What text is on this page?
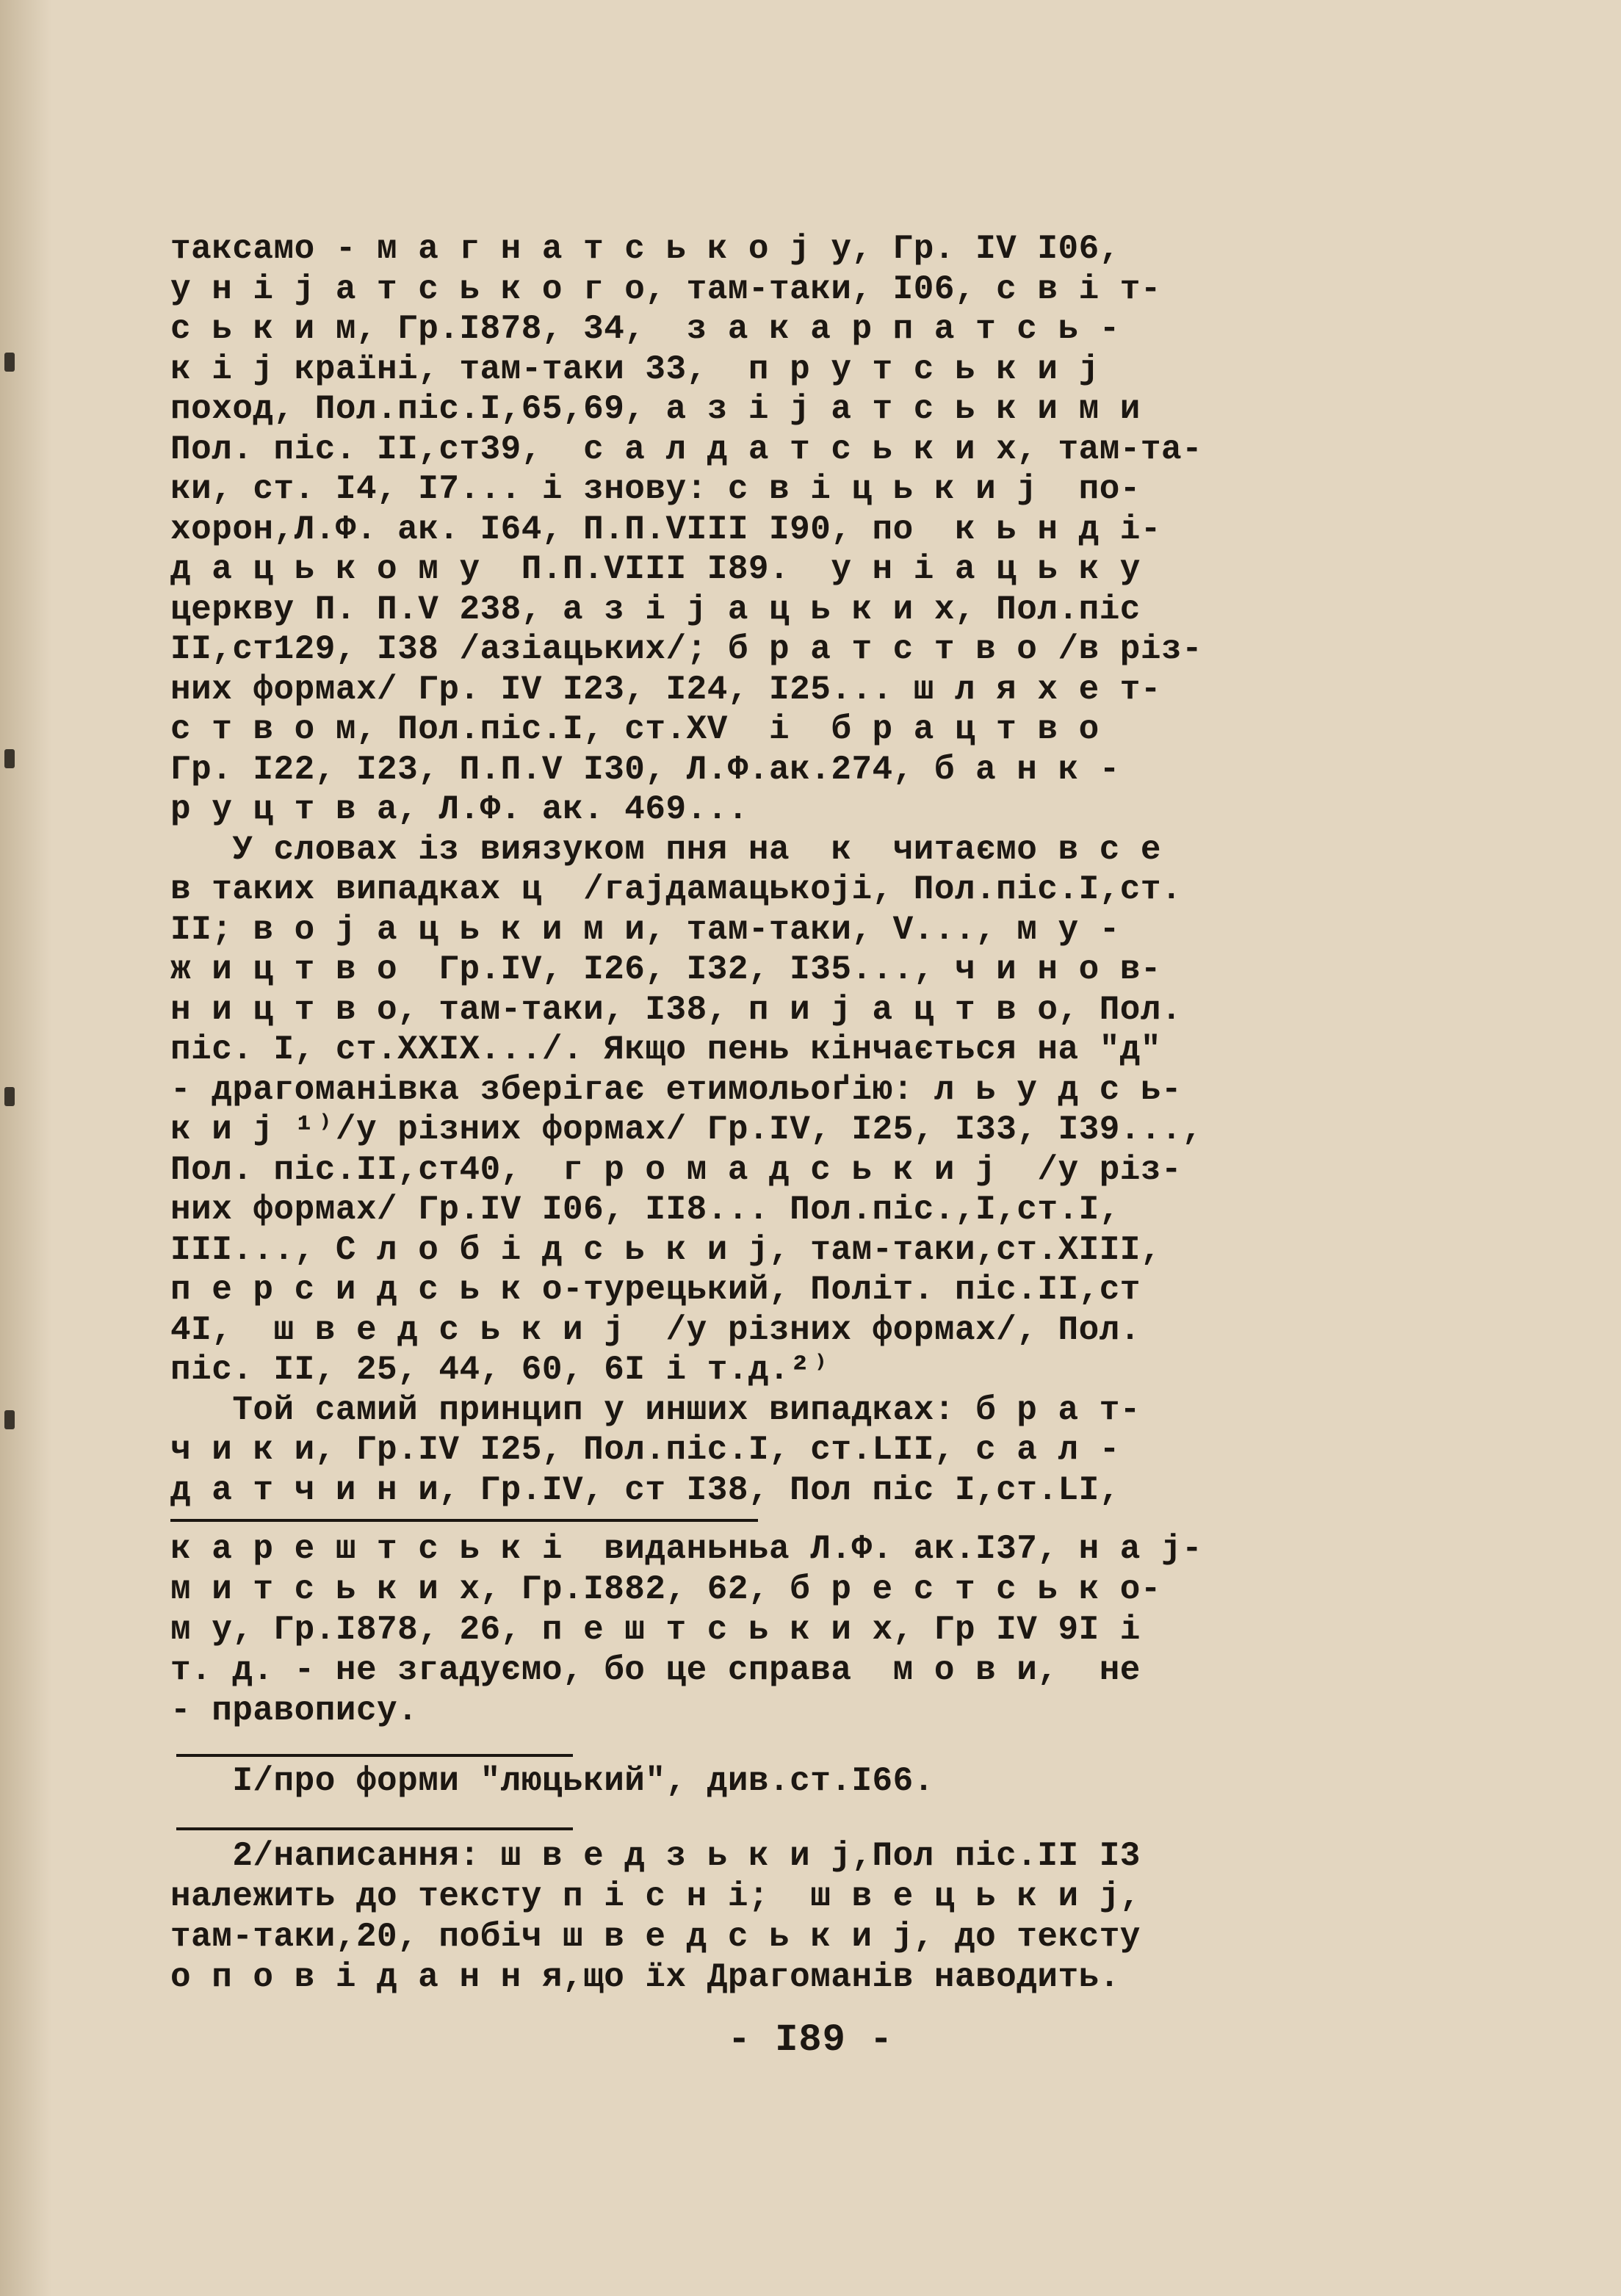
таксамо - м а г н а т с ь к о j у, Гр. IV I06,
у н і j а т с ь к о г о, там-таки, I06, с в і т-
с ь к и м, Гр.I878, 34,  з а к а р п а т с ь -
к і j країні, там-таки 33,  п р у т с ь к и j
поход, Пол.піс.І,65,69, а з і j а т с ь к и м и
Пол. піс. II,ст39,  с а л д а т с ь к и х, там-та-
ки, ст. I4, I7... і знову: с в і ц ь к и j  по-
хорон,Л.Ф. ак. I64, П.П.VIII I90, по  к ь н д і-
д а ц ь к о м у  П.П.VIII I89.  у н і а ц ь к у
церкву П. П.V 238, а з і j а ц ь к и х, Пол.піс
II,ст129, I38 /азіацьких/; б р а т с т в о /в різ-
них формах/ Гр. IV I23, I24, I25... ш л я х е т-
с т в о м, Пол.піс.І, ст.XV  і  б р а ц т в о
Гр. I22, I23, П.П.V I30, Л.Ф.ак.274, б а н к -
р у ц т в а, Л.Ф. ак. 469...
У словах із виязуком пня на  к  читаємо в с е
в таких випадках ц  /гаjдамацькоjі, Пол.піс.І,ст.
II; в о j а ц ь к и м и, там-таки, V..., м у -
ж и ц т в о  Гр.IV, I26, I32, I35..., ч и н о в-
н и ц т в о, там-таки, I38, п и j а ц т в о, Пол.
піс. I, ст.XXIX.../. Якщо пень кінчається на "д"
- драгоманівка зберігає етимольоґію: л ь у д с ь-
к и j ¹⁾/у різних формах/ Гр.IV, I25, I33, I39...,
Пол. піс.II,ст40,  г р о м а д с ь к и j  /у різ-
них формах/ Гр.IV I06, II8... Пол.піс.,І,ст.І,
III..., С л о б і д с ь к и j, там-таки,ст.XIII,
п е р с и д с ь к о-турецький, Політ. піс.II,ст
4I,  ш в е д с ь к и j  /у різних формах/, Пол.
піс. II, 25, 44, 60, 6I і т.д.²⁾
Той самий принцип у инших випадках: б р а т-
ч и к и, Гр.IV I25, Пол.піс.І, ст.LII, с а л -
д а т ч и н и, Гр.IV, ст I38, Пол піс I,ст.LI,
к а р е ш т с ь к і  виданьньа Л.Ф. ак.I37, н а j-
м и т с ь к и х, Гр.I882, 62, б р е с т с ь к о-
м у, Гр.I878, 26, п е ш т с ь к и х, Гр IV 9I і
т. д. - не згадуємо, бо це справа  м о в и,  не
- правопису.
I/про форми "люцький", див.ст.I66.
2/написання: ш в е д з ь к и j,Пол піс.II I3
належить до тексту п і с н і;  ш в е ц ь к и j,
там-таки,20, побіч ш в е д с ь к и j, до тексту
о п о в і д а н н я,що їх Драгоманів наводить.
- I89 -
